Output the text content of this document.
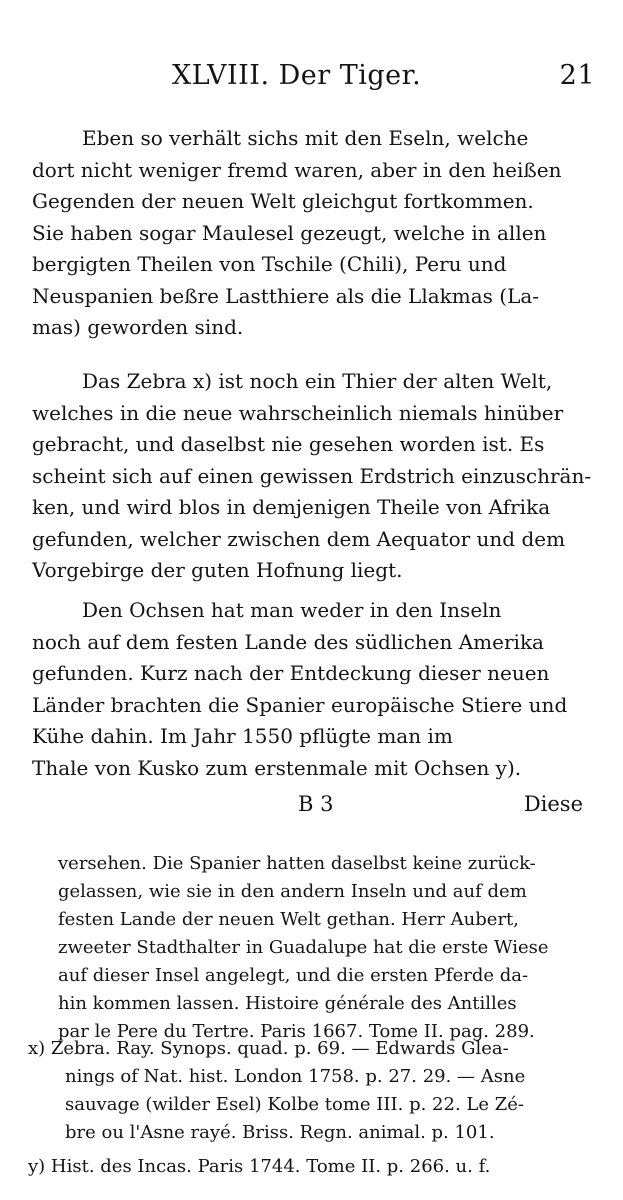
XLVIII. Der Tiger.	21

Eben so verhält sichs mit den Eseln, welche
dort nicht weniger fremd waren, aber in den heißen
Gegenden der neuen Welt gleichgut fortkommen.
Sie haben sogar Maulesel gezeugt, welche in allen
bergigten Theilen von Tschile (Chili), Peru und
Neuspanien beßre Lastthiere als die Llakmas (La-
mas) geworden sind.

Das Zebra x) ist noch ein Thier der alten Welt,
welches in die neue wahrscheinlich niemals hinüber
gebracht, und daselbst nie gesehen worden ist. Es
scheint sich auf einen gewissen Erdstrich einzuschrän-
ken, und wird blos in demjenigen Theile von Afrika
gefunden, welcher zwischen dem Aequator und dem
Vorgebirge der guten Hofnung liegt.

Den Ochsen hat man weder in den Inseln
noch auf dem festen Lande des südlichen Amerika
gefunden. Kurz nach der Entdeckung dieser neuen
Länder brachten die Spanier europäische Stiere und
Kühe dahin. Im Jahr 1550 pflügte man im
Thale von Kusko zum erstenmale mit Ochsen y).

B 3	Diese
versehen. Die Spanier hatten daselbst keine zurück-
gelassen, wie sie in den andern Inseln und auf dem
festen Lande der neuen Welt gethan. Herr Aubert,
zweeter Stadthalter in Guadalupe hat die erste Wiese
auf dieser Insel angelegt, und die ersten Pferde da-
hin kommen lassen. Histoire générale des Antilles
par le Pere du Tertre. Paris 1667. Tome II. pag. 289.
x) Zebra. Ray. Synops. quad. p. 69. — Edwards Glea-
nings of Nat. hist. London 1758. p. 27. 29. — Asne
sauvage (wilder Esel) Kolbe tome III. p. 22. Le Zé-
bre ou l'Asne rayé. Briss. Regn. animal. p. 101.
y) Hist. des Incas. Paris 1744. Tome II. p. 266. u. f.
